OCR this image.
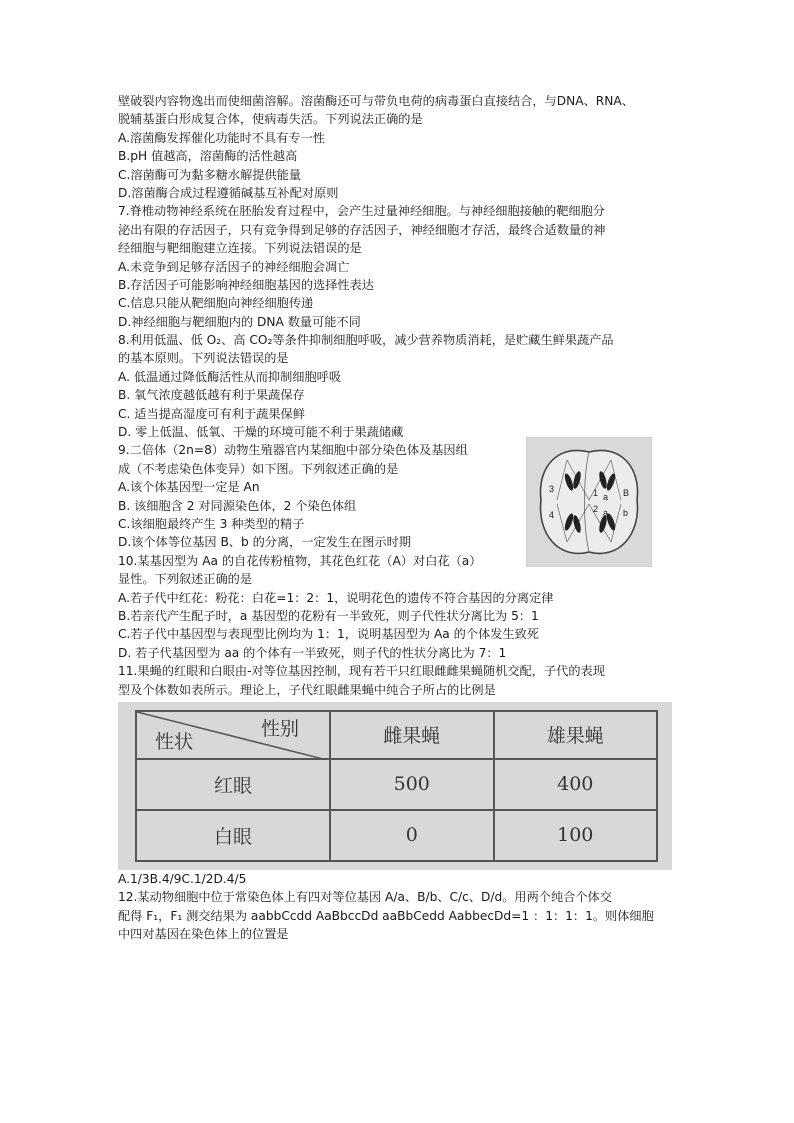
壁破裂内容物逸出而使细菌溶解。溶菌酶还可与带负电荷的病毒蛋白直接结合，与DNA、RNA、
脱辅基蛋白形成复合体，使病毒失活。下列说法正确的是
A.溶菌酶发挥催化功能时不具有专一性
B.pH 值越高，溶菌酶的活性越高
C.溶菌酶可为黏多糖水解提供能量
D.溶菌酶合成过程遵循碱基互补配对原则
7.脊椎动物神经系统在胚胎发育过程中，会产生过量神经细胞。与神经细胞接触的靶细胞分
泌出有限的存活因子，只有竞争得到足够的存活因子，神经细胞才存活，最终合适数量的神
经细胞与靶细胞建立连接。下列说法错误的是
A.未竞争到足够存活因子的神经细胞会凋亡
B.存活因子可能影响神经细胞基因的选择性表达
C.信息只能从靶细胞向神经细胞传递
D.神经细胞与靶细胞内的 DNA 数量可能不同
8.利用低温、低 O₂、高 CO₂等条件抑制细胞呼吸，减少营养物质消耗，是贮藏生鲜果蔬产品
的基本原则。下列说法错误的是
A. 低温通过降低酶活性从而抑制细胞呼吸
B. 氧气浓度越低越有利于果蔬保存
C. 适当提高湿度可有利于蔬果保鲜
D. 零上低温、低氧、干燥的环境可能不利于果蔬储藏
9.二倍体（2n=8）动物生殖器官内某细胞中部分染色体及基因组
成（不考虑染色体变异）如下图。下列叙述正确的是
A.该个体基因型一定是 An
B. 该细胞含 2 对同源染色体，2 个染色体组
C.该细胞最终产生 3 种类型的精子
D.该个体等位基因 B、b 的分离，一定发生在图示时期
10.某基因型为 Aa 的自花传粉植物，其花色红花（A）对白花（a）
显性。下列叙述正确的是
1
2
3
4
a
a
B
b
A.若子代中红花：粉花：白花=1：2：1，说明花色的遗传不符合基因的分离定律
B.若亲代产生配子时，a 基因型的花粉有一半致死，则子代性状分离比为 5：1
C.若子代中基因型与表现型比例均为 1：1，说明基因型为 Aa 的个体发生致死
D. 若子代基因型为 aa 的个体有一半致死，则子代的性状分离比为 7：1
11.果蝇的红眼和白眼由-对等位基因控制，现有若干只红眼雌雌果蝇随机交配，子代的表现
型及个体数如表所示。理论上，子代红眼雌果蝇中纯合子所占的比例是
性别
性状	雌果蝇	雄果蝇
红眼	500	400
白眼	0	100
A.1/3B.4/9C.1/2D.4/5
12.某动物细胞中位于常染色体上有四对等位基因 A/a、B/b、C/c、D/d。用两个纯合个体交
配得 F₁，F₁ 测交结果为 aabbCcdd AaBbccDd aaBbCedd AabbecDd=1 ：1：1：1。则体细胞
中四对基因在染色体上的位置是
